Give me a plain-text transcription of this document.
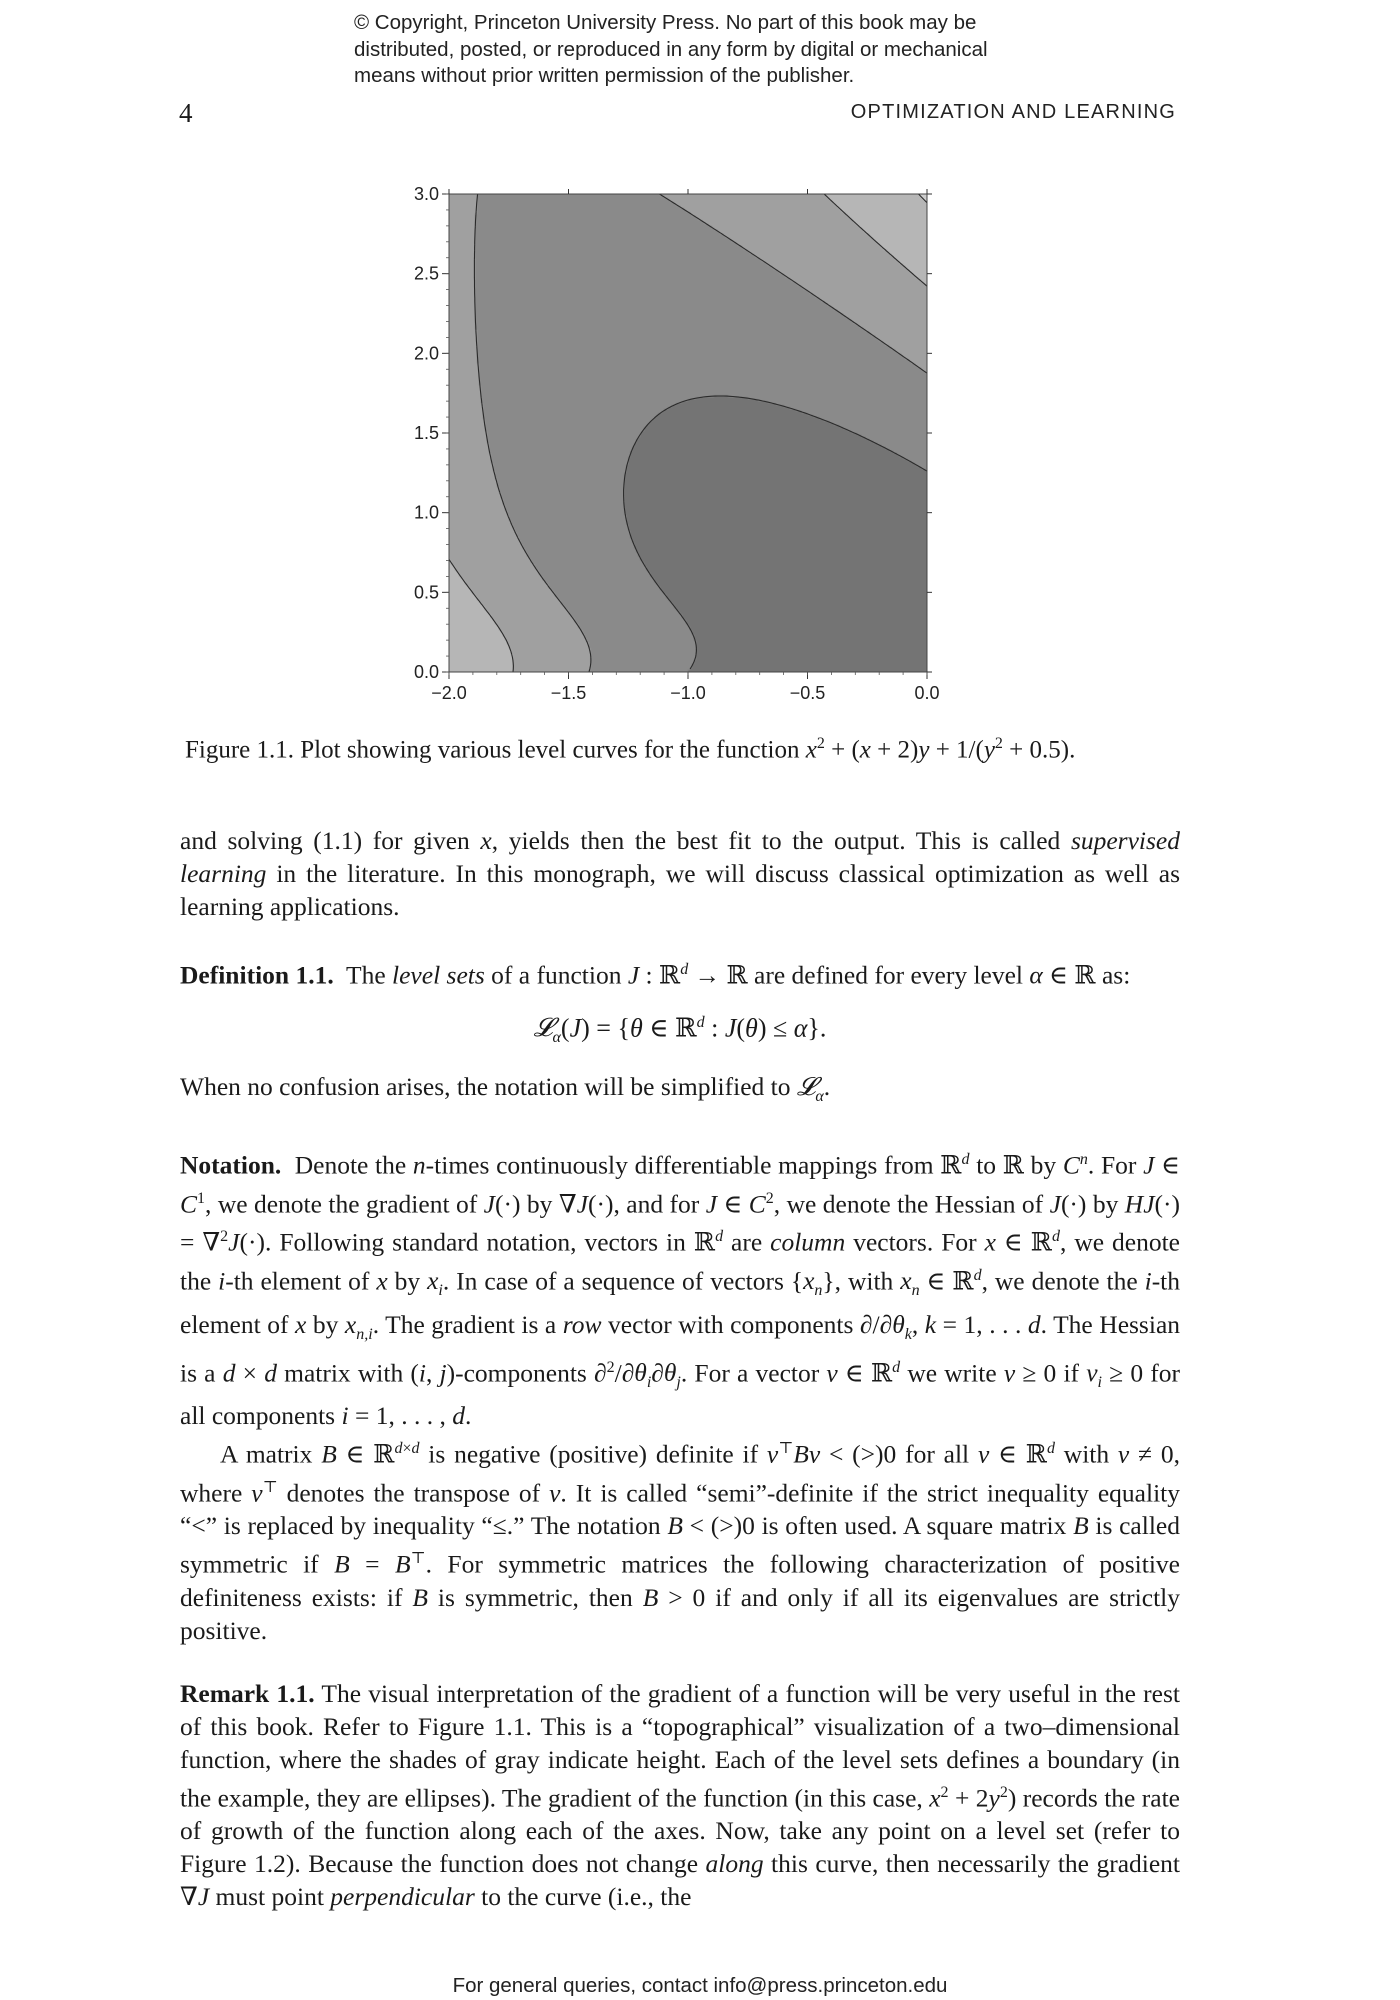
© Copyright, Princeton University Press. No part of this book may be
distributed, posted, or reproduced in any form by digital or mechanical
means without prior written permission of the publisher.
4	OPTIMIZATION AND LEARNING
0.0
0.5
1.0
1.5
2.0
2.5
3.0
−2.0	−1.5	−1.0	−0.5	0.0
Figure 1.1. Plot showing various level curves for the function $x^2 + (x + 2)y + 1/(y^2 + 0.5)$.

and solving (1.1) for given x, yields then the best fit to the output. This is called supervised learning in the literature. In this monograph, we will discuss classical optimization as well as learning applications.

Definition 1.1.  The level sets of a function J : ℝ$^d$ → ℝ are defined for every level α ∈ ℝ as:

𝓛$_\alpha$(J) = {θ ∈ ℝ$^d$ : J(θ) ≤ α}.

When no confusion arises, the notation will be simplified to 𝓛$_\alpha$.

Notation.  Denote the n-times continuously differentiable mappings from ℝ$^d$ to ℝ by $C^n$. For J ∈ $C^1$, we denote the gradient of J(·) by ∇J(·), and for J ∈ $C^2$, we denote the Hessian of J(·) by HJ(·) = ∇$^2$J(·). Following standard notation, vectors in ℝ$^d$ are column vectors. For x ∈ ℝ$^d$, we denote the i-th element of x by $x_i$. In case of a sequence of vectors $\{x_n\}$, with $x_n$ ∈ ℝ$^d$, we denote the i-th element of x by $x_{n,i}$. The gradient is a row vector with components $\partial/\partial\theta_k$, k = 1, . . . d. The Hessian is a d × d matrix with (i, j)-components $\partial^2/\partial\theta_i\partial\theta_j$. For a vector v ∈ ℝ$^d$ we write v ≥ 0 if $v_i \ge 0$ for all components i = 1, . . . , d.

A matrix B ∈ ℝ$^{d\times d}$ is negative (positive) definite if v⊤Bv < (>)0 for all v ∈ ℝ$^d$ with v ≠ 0, where v⊤ denotes the transpose of v. It is called “semi”-definite if the strict inequality equality “<” is replaced by inequality “≤.” The notation B < (>)0 is often used. A square matrix B is called symmetric if B = B⊤. For symmetric matrices the following characterization of positive definiteness exists: if B is symmetric, then B > 0 if and only if all its eigenvalues are strictly positive.

Remark 1.1. The visual interpretation of the gradient of a function will be very useful in the rest of this book. Refer to Figure 1.1. This is a “topographical” visualization of a two–dimensional function, where the shades of gray indicate height. Each of the level sets defines a boundary (in the example, they are ellipses). The gradient of the function (in this case, $x^2 + 2y^2$) records the rate of growth of the function along each of the axes. Now, take any point on a level set (refer to Figure 1.2). Because the function does not change along this curve, then necessarily the gradient ∇J must point perpendicular to the curve (i.e., the

For general queries, contact info@press.princeton.edu
